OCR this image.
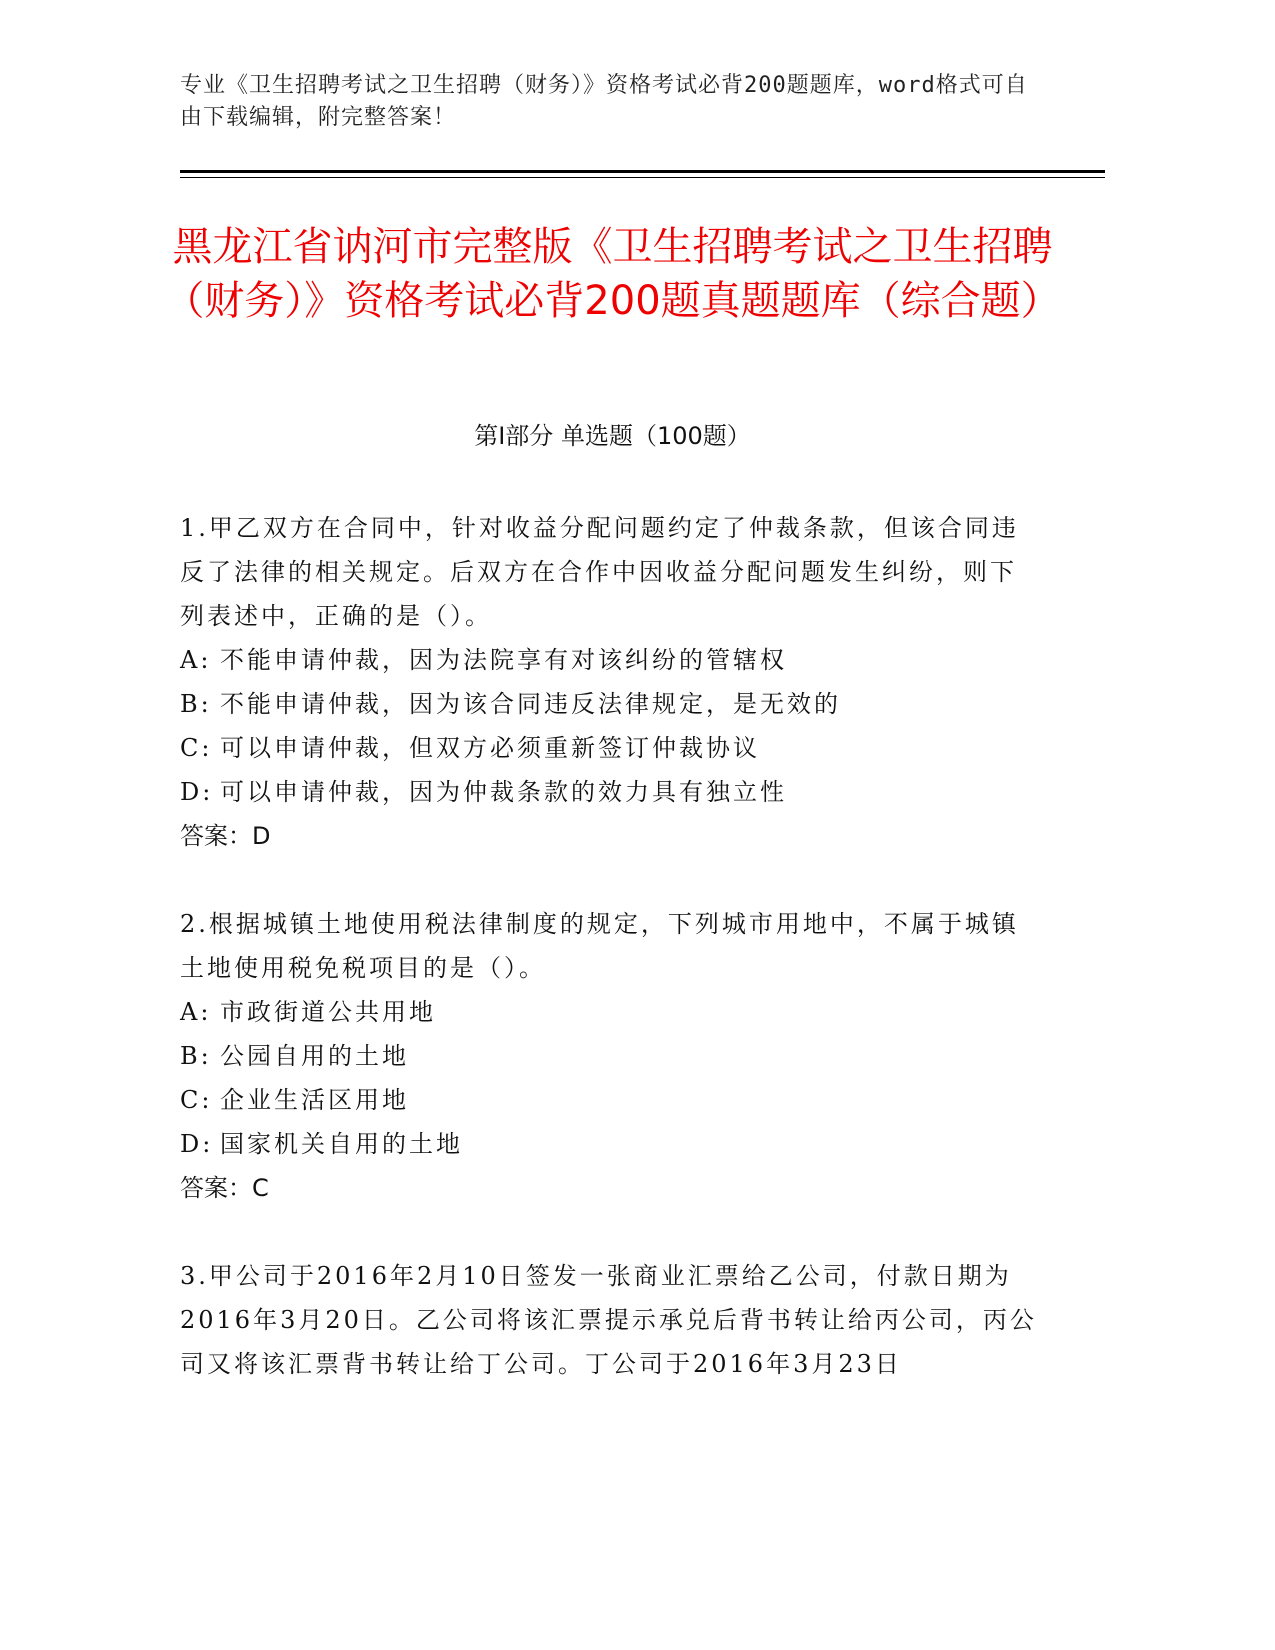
专业《卫生招聘考试之卫生招聘（财务）》资格考试必背200题题库，word格式可自由下载编辑，附完整答案！
黑龙江省讷河市完整版《卫生招聘考试之卫生招聘（财务）》资格考试必背200题真题题库（综合题）
第Ⅰ部分 单选题（100题）
1.甲乙双方在合同中，针对收益分配问题约定了仲裁条款，但该合同违反了法律的相关规定。后双方在合作中因收益分配问题发生纠纷，则下列表述中，正确的是（）。
A: 不能申请仲裁，因为法院享有对该纠纷的管辖权
B: 不能申请仲裁，因为该合同违反法律规定，是无效的
C: 可以申请仲裁，但双方必须重新签订仲裁协议
D: 可以申请仲裁，因为仲裁条款的效力具有独立性
答案：D
2.根据城镇土地使用税法律制度的规定，下列城市用地中，不属于城镇土地使用税免税项目的是（）。
A: 市政街道公共用地
B: 公园自用的土地
C: 企业生活区用地
D: 国家机关自用的土地
答案：C
3.甲公司于2016年2月10日签发一张商业汇票给乙公司，付款日期为2016年3月20日。乙公司将该汇票提示承兑后背书转让给丙公司，丙公司又将该汇票背书转让给丁公司。丁公司于2016年3月23日
